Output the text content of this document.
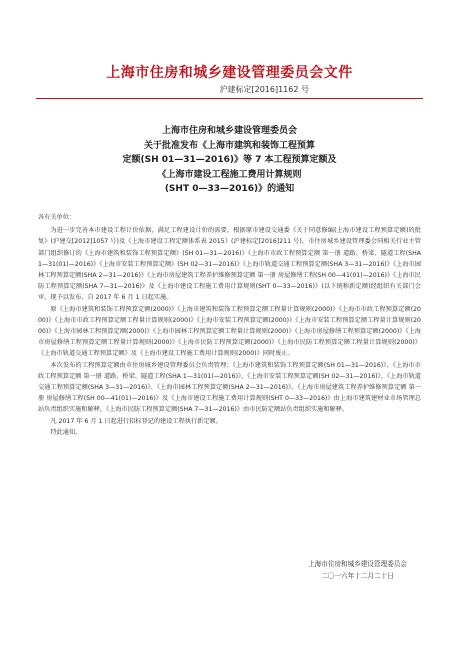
上海市住房和城乡建设管理委员会文件
沪建标定[2016]1162 号
上海市住房和城乡建设管理委员会
关于批准发布《上海市建筑和装饰工程预算
定额(SH 01—31—2016)》等 7 本工程预算定额及
《上海市建设工程施工费用计算规则
(SHT 0—33—2016)》的通知

各有关单位：

为进一步完善本市建设工程计价依据，满足工程建设计价的需要，根据原市建设交通委《关于同意修编(上海市建设工程预算定额)的批复》(沪建交[2012]1057 号)及《上海市建设工程定额体系表 2015》(沪建标定[2016]211 号)，市住房城乡建设管理委会同相关行业主管部门组织修订的《上海市建筑和装饰工程预算定额》(SH 01—31—2016)》《上海市市政工程预算定额 第一册 道路、桥梁、隧道工程(SHA 1—31(01)—2016)》《上海市安装工程预算定额》(SH 02—31—2016)》《上海市轨道交通工程预算定额(SHA 3—31—2016)》《上海市园林工程预算定额(SHA 2—31—2016)》《上海市房屋建筑工程养护维修预算定额 第一册 房屋修缮工程(SH 00—41(01)—2016)》《上海市民防工程预算定额(SHA 7—31—2016)》及《上海市建设工程施工费用计算规则(SHT 0—33—2016)》(以下统称新定额)经组织有关部门会审，现予以发布，自 2017 年 6 月 1 日起实施。

原《上海市建筑和装饰工程预算定额(2000)》《上海市建筑和装饰工程预算定额工程量计算规则(2000)》《上海市市政工程预算定额(2000)》《上海市市政工程预算定额工程量计算规则(2000)》《上海市安装工程预算定额(2000)》《上海市安装工程预算定额工程量计算规则(2000)》《上海市园林工程预算定额(2000)》《上海市园林工程预算定额工程量计算规则(2000)》《上海市房屋修缮工程预算定额(2000)》《上海市房屋修缮工程预算定额工程量计算规则(2000)》《上海市民防工程预算定额(2000)》《上海市民防工程预算定额工程量计算规则(2000)》《上海市轨道交通工程预算定额》及《上海市建设工程施工费用计算规则(2000)》同时废止。

本次发布的工程预算定额由市住房城乡建设管理委员会负责管理；《上海市建筑和装饰工程预算定额(SH 01—31—2016)》、《上海市市政工程预算定额 第一册 道路、桥梁、隧道工程(SHA 1—31(01)—2016)》、《上海市安装工程预算定额(SH 02—31—2016)》、《上海市轨道交通工程预算定额(SHA 3—31—2016)》、《上海市园林工程预算定额(SHA 2—31—2016)》、《上海市房屋建筑工程养护维修预算定额 第一册 房屋修缮工程(SH 00—41(01)—2016)》及《上海市建设工程施工费用计算规则(SHT 0—33—2016)》由上海市建筑建材业市场管理总站负责组织实施和解释，《上海市民防工程预算定额(SHA 7—31—2016)》由市民防定额站负责组织实施和解释。

凡 2017 年 6 月 1 日起进行招标登记的建设工程执行新定额。

特此通知。

上海市住房和城乡建设管理委员会
二〇一六年十二月二十日
